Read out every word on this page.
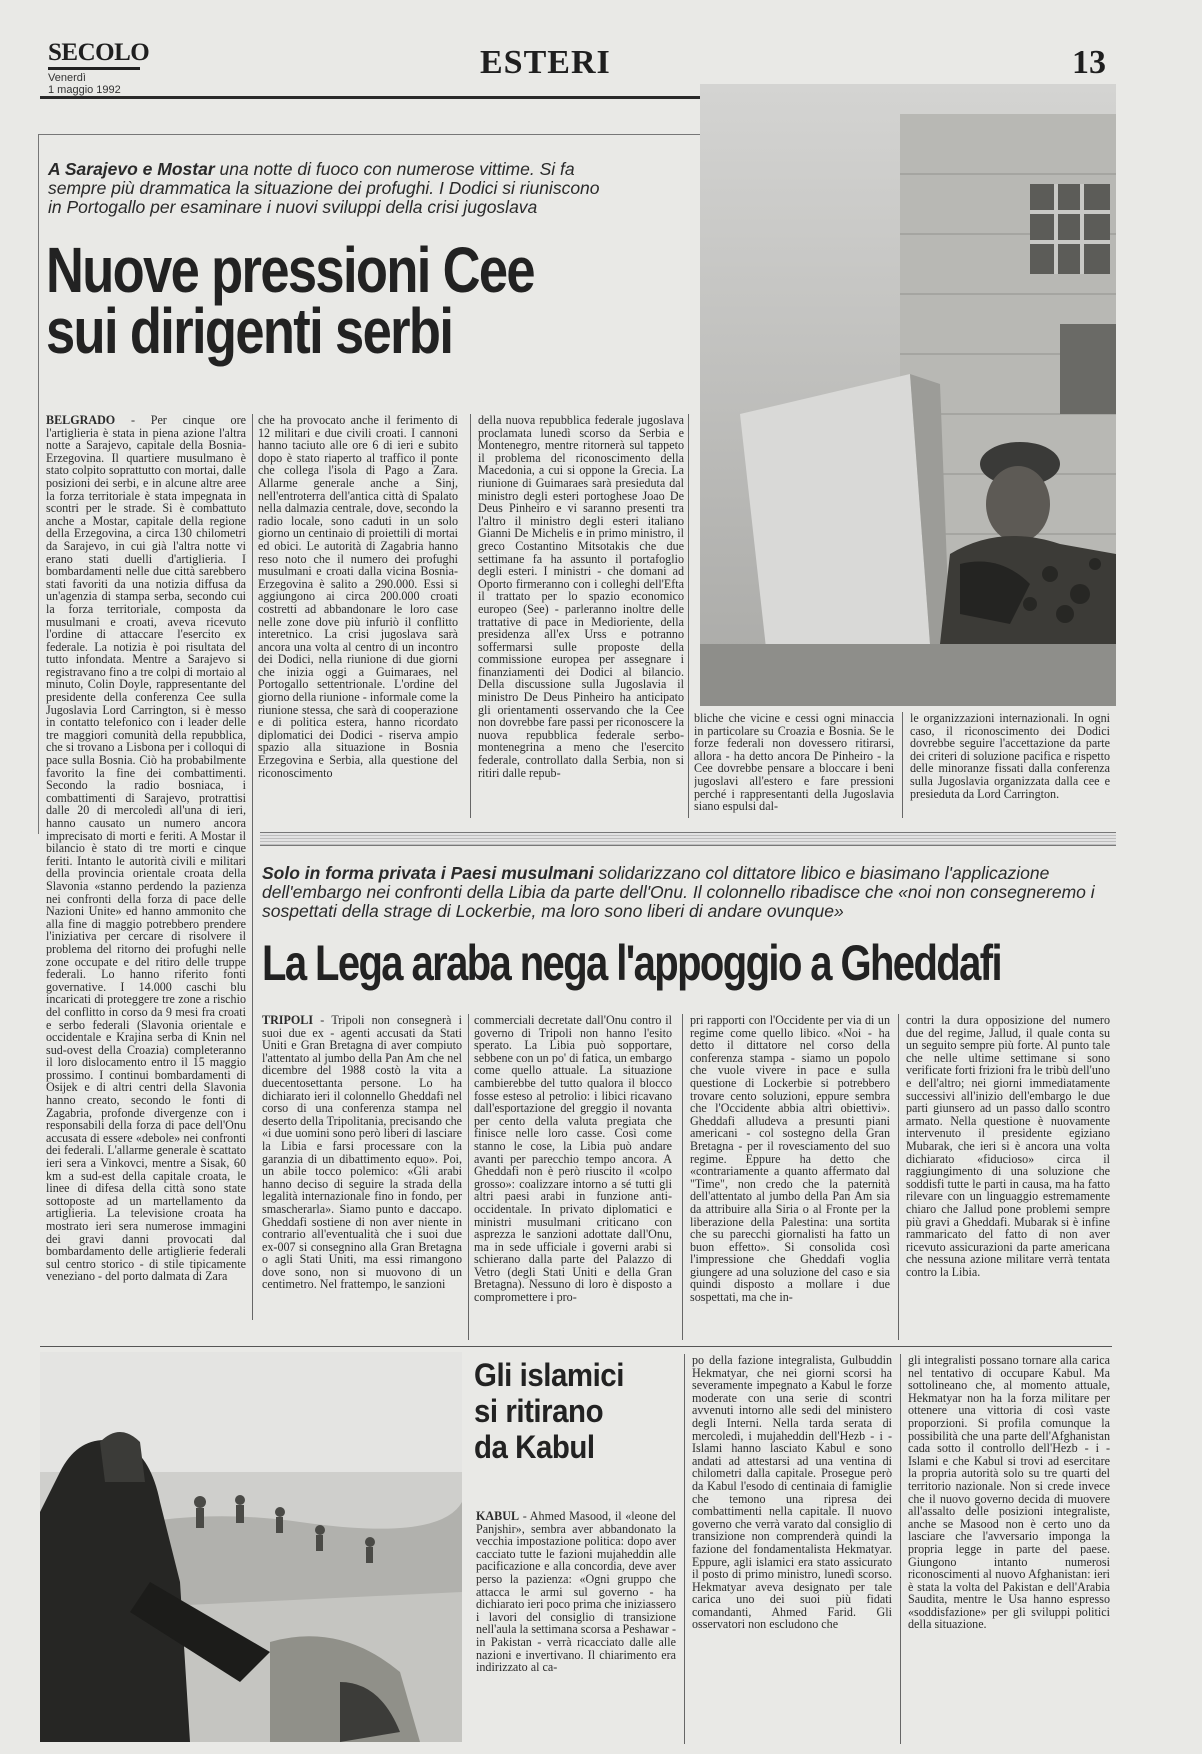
SECOLO
Venerdì
1 maggio 1992
ESTERI	13
A Sarajevo e Mostar una notte di fuoco con numerose vittime. Si fa sempre più drammatica la situazione dei profughi. I Dodici si riuniscono in Portogallo per esaminare i nuovi sviluppi della crisi jugoslava
Nuove pressioni Cee
sui dirigenti serbi
BELGRADO - Per cinque ore l'artiglieria è stata in piena azione l'altra notte a Sarajevo, capitale della Bosnia-Erzegovina. Il quartiere musulmano è stato colpito soprattutto con mortai, dalle posizioni dei serbi, e in alcune altre aree la forza territoriale è stata impegnata in scontri per le strade. Si è combattuto anche a Mostar, capitale della regione della Erzegovina, a circa 130 chilometri da Sarajevo, in cui già l'altra notte vi erano stati duelli d'artiglieria. I bombardamenti nelle due città sarebbero stati favoriti da una notizia diffusa da un'agenzia di stampa serba, secondo cui la forza territoriale, composta da musulmani e croati, aveva ricevuto l'ordine di attaccare l'esercito ex federale. La notizia è poi risultata del tutto infondata. Mentre a Sarajevo si registravano fino a tre colpi di mortaio al minuto, Colin Doyle, rappresentante del presidente della conferenza Cee sulla Jugoslavia Lord Carrington, si è messo in contatto telefonico con i leader delle tre maggiori comunità della repubblica, che si trovano a Lisbona per i colloqui di pace sulla Bosnia. Ciò ha probabilmente favorito la fine dei combattimenti. Secondo la radio bosniaca, i combattimenti di Sarajevo, protrattisi dalle 20 di mercoledì all'una di ieri, hanno causato un numero ancora imprecisato di morti e feriti. A Mostar il bilancio è stato di tre morti e cinque feriti. Intanto le autorità civili e militari della provincia orientale croata della Slavonia «stanno perdendo la pazienza nei confronti della forza di pace delle Nazioni Unite» ed hanno ammonito che alla fine di maggio potrebbero prendere l'iniziativa per cercare di risolvere il problema del ritorno dei profughi nelle zone occupate e del ritiro delle truppe federali. Lo hanno riferito fonti governative. I 14.000 caschi blu incaricati di proteggere tre zone a rischio del conflitto in corso da 9 mesi fra croati e serbo federali (Slavonia orientale e occidentale e Krajina serba di Knin nel sud-ovest della Croazia) completeranno il loro dislocamento entro il 15 maggio prossimo. I continui bombardamenti di Osijek e di altri centri della Slavonia hanno creato, secondo le fonti di Zagabria, profonde divergenze con i responsabili della forza di pace dell'Onu accusata di essere «debole» nei confronti dei federali. L'allarme generale è scattato ieri sera a Vinkovci, mentre a Sisak, 60 km a sud-est della capitale croata, le linee di difesa della città sono state sottoposte ad un martellamento da artiglieria. La televisione croata ha mostrato ieri sera numerose immagini dei gravi danni provocati dal bombardamento delle artiglierie federali sul centro storico - di stile tipicamente veneziano - del porto dalmata di Zara
che ha provocato anche il ferimento di 12 militari e due civili croati. I cannoni hanno taciuto alle ore 6 di ieri e subito dopo è stato riaperto al traffico il ponte che collega l'isola di Pago a Zara. Allarme generale anche a Sinj, nell'entroterra dell'antica città di Spalato nella dalmazia centrale, dove, secondo la radio locale, sono caduti in un solo giorno un centinaio di proiettili di mortai ed obici. Le autorità di Zagabria hanno reso noto che il numero dei profughi musulmani e croati dalla vicina Bosnia-Erzegovina è salito a 290.000. Essi si aggiungono ai circa 200.000 croati costretti ad abbandonare le loro case nelle zone dove più infuriò il conflitto interetnico. La crisi jugoslava sarà ancora una volta al centro di un incontro dei Dodici, nella riunione di due giorni che inizia oggi a Guimaraes, nel Portogallo settentrionale. L'ordine del giorno della riunione - informale come la riunione stessa, che sarà di cooperazione e di politica estera, hanno ricordato diplomatici dei Dodici - riserva ampio spazio alla situazione in Bosnia Erzegovina e Serbia, alla questione del riconoscimento
della nuova repubblica federale jugoslava proclamata lunedì scorso da Serbia e Montenegro, mentre ritornerà sul tappeto il problema del riconoscimento della Macedonia, a cui si oppone la Grecia. La riunione di Guimaraes sarà presieduta dal ministro degli esteri portoghese Joao De Deus Pinheiro e vi saranno presenti tra l'altro il ministro degli esteri italiano Gianni De Michelis e in primo ministro, il greco Costantino Mitsotakis che due settimane fa ha assunto il portafoglio degli esteri. I ministri - che domani ad Oporto firmeranno con i colleghi dell'Efta il trattato per lo spazio economico europeo (See) - parleranno inoltre delle trattative di pace in Medioriente, della presidenza all'ex Urss e potranno soffermarsi sulle proposte della commissione europea per assegnare i finanziamenti dei Dodici al bilancio. Della discussione sulla Jugoslavia il ministro De Deus Pinheiro ha anticipato gli orientamenti osservando che la Cee non dovrebbe fare passi per riconoscere la nuova repubblica federale serbo-montenegrina a meno che l'esercito federale, controllato dalla Serbia, non si ritiri dalle repub-
bliche che vicine e cessi ogni minaccia in particolare su Croazia e Bosnia. Se le forze federali non dovessero ritirarsi, allora - ha detto ancora De Pinheiro - la Cee dovrebbe pensare a bloccare i beni jugoslavi all'estero e fare pressioni perché i rappresentanti della Jugoslavia siano espulsi dal-
le organizzazioni internazionali. In ogni caso, il riconoscimento dei Dodici dovrebbe seguire l'accettazione da parte dei criteri di soluzione pacifica e rispetto delle minoranze fissati dalla conferenza sulla Jugoslavia organizzata dalla cee e presieduta da Lord Carrington.
Solo in forma privata i Paesi musulmani solidarizzano col dittatore libico e biasimano l'applicazione dell'embargo nei confronti della Libia da parte dell'Onu. Il colonnello ribadisce che «noi non consegneremo i sospettati della strage di Lockerbie, ma loro sono liberi di andare ovunque»
La Lega araba nega l'appoggio a Gheddafi
TRIPOLI - Tripoli non consegnerà i suoi due ex - agenti accusati da Stati Uniti e Gran Bretagna di aver compiuto l'attentato al jumbo della Pan Am che nel dicembre del 1988 costò la vita a duecentosettanta persone. Lo ha dichiarato ieri il colonnello Gheddafi nel corso di una conferenza stampa nel deserto della Tripolitania, precisando che «i due uomini sono però liberi di lasciare la Libia e farsi processare con la garanzia di un dibattimento equo». Poi, un abile tocco polemico: «Gli arabi hanno deciso di seguire la strada della legalità internazionale fino in fondo, per smascherarla». Siamo punto e daccapo. Gheddafi sostiene di non aver niente in contrario all'eventualità che i suoi due ex-007 si consegnino alla Gran Bretagna o agli Stati Uniti, ma essi rimangono dove sono, non si muovono di un centimetro. Nel frattempo, le sanzioni
commerciali decretate dall'Onu contro il governo di Tripoli non hanno l'esito sperato. La Libia può sopportare, sebbene con un po' di fatica, un embargo come quello attuale. La situazione cambierebbe del tutto qualora il blocco fosse esteso al petrolio: i libici ricavano dall'esportazione del greggio il novanta per cento della valuta pregiata che finisce nelle loro casse. Così come stanno le cose, la Libia può andare avanti per parecchio tempo ancora. A Gheddafi non è però riuscito il «colpo grosso»: coalizzare intorno a sé tutti gli altri paesi arabi in funzione anti-occidentale. In privato diplomatici e ministri musulmani criticano con asprezza le sanzioni adottate dall'Onu, ma in sede ufficiale i governi arabi si schierano dalla parte del Palazzo di Vetro (degli Stati Uniti e della Gran Bretagna). Nessuno di loro è disposto a compromettere i pro-
pri rapporti con l'Occidente per via di un regime come quello libico. «Noi - ha detto il dittatore nel corso della conferenza stampa - siamo un popolo che vuole vivere in pace e sulla questione di Lockerbie si potrebbero trovare cento soluzioni, eppure sembra che l'Occidente abbia altri obiettivi». Gheddafi alludeva a presunti piani americani - col sostegno della Gran Bretagna - per il rovesciamento del suo regime. Eppure ha detto che «contrariamente a quanto affermato dal "Time", non credo che la paternità dell'attentato al jumbo della Pan Am sia da attribuire alla Siria o al Fronte per la liberazione della Palestina: una sortita che su parecchi giornalisti ha fatto un buon effetto». Si consolida così l'impressione che Gheddafi voglia giungere ad una soluzione del caso e sia quindi disposto a mollare i due sospettati, ma che in-
contri la dura opposizione del numero due del regime, Jallud, il quale conta su un seguito sempre più forte. Al punto tale che nelle ultime settimane si sono verificate forti frizioni fra le tribù dell'uno e dell'altro; nei giorni immediatamente successivi all'inizio dell'embargo le due parti giunsero ad un passo dallo scontro armato. Nella questione è nuovamente intervenuto il presidente egiziano Mubarak, che ieri si è ancora una volta dichiarato «fiducioso» circa il raggiungimento di una soluzione che soddisfi tutte le parti in causa, ma ha fatto rilevare con un linguaggio estremamente chiaro che Jallud pone problemi sempre più gravi a Gheddafi. Mubarak si è infine rammaricato del fatto di non aver ricevuto assicurazioni da parte americana che nessuna azione militare verrà tentata contro la Libia.
Gli islamici
si ritirano
da Kabul
KABUL - Ahmed Masood, il «leone del Panjshir», sembra aver abbandonato la vecchia impostazione politica: dopo aver cacciato tutte le fazioni mujaheddin alle pacificazione e alla concordia, deve aver perso la pazienza: «Ogni gruppo che attacca le armi sul governo - ha dichiarato ieri poco prima che iniziassero i lavori del consiglio di transizione nell'aula la settimana scorsa a Peshawar - in Pakistan - verrà ricacciato dalle alle nazioni e invertivano. Il chiarimento era indirizzato al ca-
po della fazione integralista, Gulbuddin Hekmatyar, che nei giorni scorsi ha severamente impegnato a Kabul le forze moderate con una serie di scontri avvenuti intorno alle sedi del ministero degli Interni. Nella tarda serata di mercoledì, i mujaheddin dell'Hezb - i - Islami hanno lasciato Kabul e sono andati ad attestarsi ad una ventina di chilometri dalla capitale. Prosegue però da Kabul l'esodo di centinaia di famiglie che temono una ripresa dei combattimenti nella capitale. Il nuovo governo che verrà varato dal consiglio di transizione non comprenderà quindi la fazione del fondamentalista Hekmatyar. Eppure, agli islamici era stato assicurato il posto di primo ministro, lunedì scorso. Hekmatyar aveva designato per tale carica uno dei suoi più fidati comandanti, Ahmed Farid. Gli osservatori non escludono che
gli integralisti possano tornare alla carica nel tentativo di occupare Kabul. Ma sottolineano che, al momento attuale, Hekmatyar non ha la forza militare per ottenere una vittoria di così vaste proporzioni. Si profila comunque la possibilità che una parte dell'Afghanistan cada sotto il controllo dell'Hezb - i - Islami e che Kabul si trovi ad esercitare la propria autorità solo su tre quarti del territorio nazionale. Non si crede invece che il nuovo governo decida di muovere all'assalto delle posizioni integraliste, anche se Masood non è certo uno da lasciare che l'avversario imponga la propria legge in parte del paese. Giungono intanto numerosi riconoscimenti al nuovo Afghanistan: ieri è stata la volta del Pakistan e dell'Arabia Saudita, mentre le Usa hanno espresso «soddisfazione» per gli sviluppi politici della situazione.
